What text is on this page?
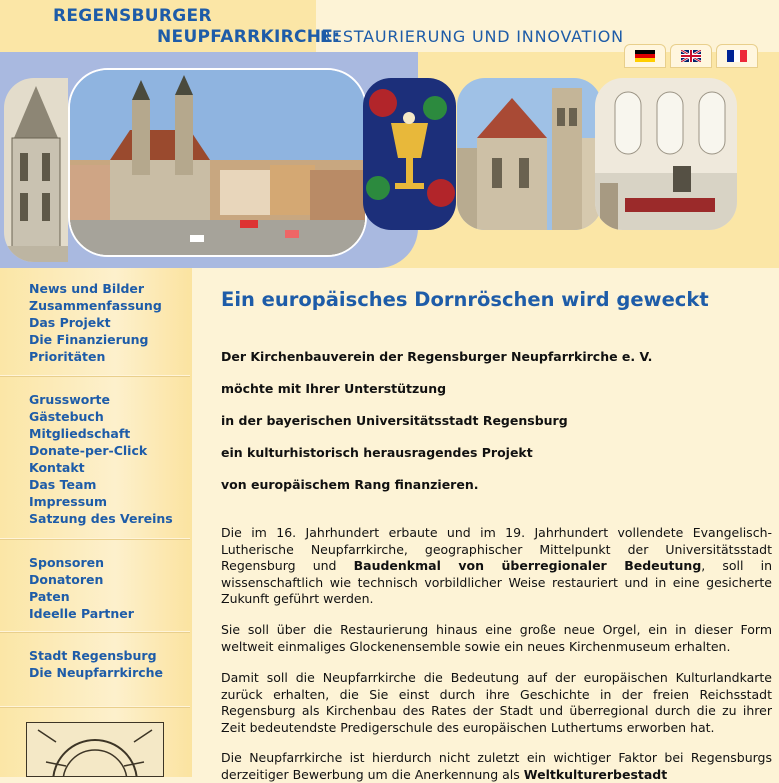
REGENSBURGER
NEUPFARRKIRCHE:
RESTAURIERUNG UND INNOVATION
News und Bilder
Zusammenfassung
Das Projekt
Die Finanzierung
Prioritäten
Grussworte
Gästebuch
Mitgliedschaft
Donate-per-Click
Kontakt
Das Team
Impressum
Satzung des Vereins
Sponsoren
Donatoren
Paten
Ideelle Partner
Stadt Regensburg
Die Neupfarrkirche
Ein europäisches Dornröschen wird geweckt
Der Kirchenbauverein der Regensburger Neupfarrkirche e. V.
möchte mit Ihrer Unterstützung
in der bayerischen Universitätsstadt Regensburg
ein kulturhistorisch herausragendes Projekt
von europäischem Rang finanzieren.
Die im 16. Jahrhundert erbaute und im 19. Jahrhundert vollendete Evangelisch-Lutherische Neupfarrkirche, geographischer Mittelpunkt der Universitätsstadt Regensburg und Baudenkmal von überregionaler Bedeutung, soll in wissenschaftlich wie technisch vorbildlicher Weise restauriert und in eine gesicherte Zukunft geführt werden.
Sie soll über die Restaurierung hinaus eine große neue Orgel, ein in dieser Form weltweit einmaliges Glockenensemble sowie ein neues Kirchenmuseum erhalten.
Damit soll die Neupfarrkirche die Bedeutung auf der europäischen Kulturlandkarte zurück erhalten, die Sie einst durch ihre Geschichte in der freien Reichsstadt Regensburg als Kirchenbau des Rates der Stadt und überregional durch die zu ihrer Zeit bedeutendste Predigerschule des europäischen Luthertums erworben hat.
Die Neupfarrkirche ist hierdurch nicht zuletzt ein wichtiger Faktor bei Regensburgs derzeitiger Bewerbung um die Anerkennung als Weltkulturerbestadt
